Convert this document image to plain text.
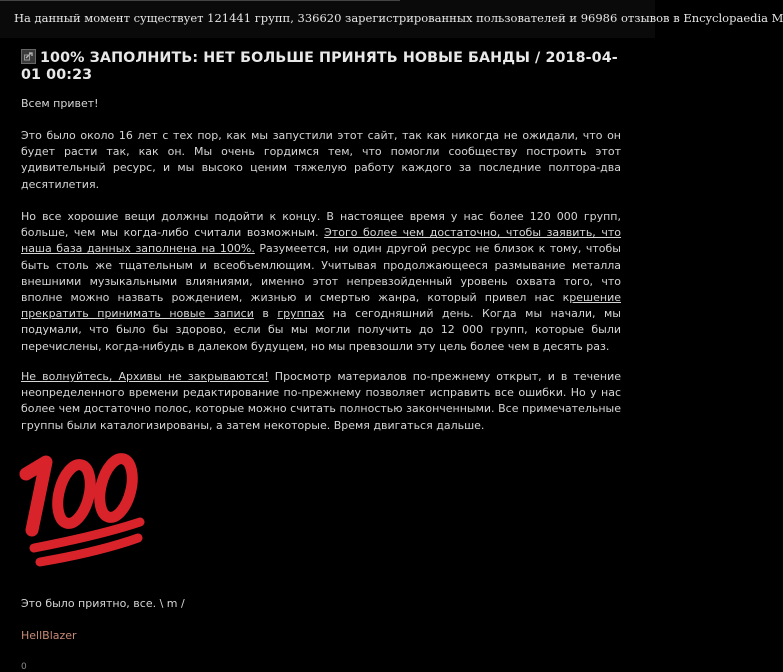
На данный момент существует 121441 групп, 336620 зарегистрированных пользователей и 96986 отзывов в Encyclopaedia M
100% ЗАПОЛНИТЬ: НЕТ БОЛЬШЕ ПРИНЯТЬ НОВЫЕ БАНДЫ / 2018-04-01 00:23

Всем привет!

Это было около 16 лет с тех пор, как мы запустили этот сайт, так как никогда не ожидали, что он будет расти так, как он. Мы очень гордимся тем, что помогли сообществу построить этот удивительный ресурс, и мы высоко ценим тяжелую работу каждого за последние полтора-два десятилетия.

Но все хорошие вещи должны подойти к концу. В настоящее время у нас более 120 000 групп, больше, чем мы когда-либо считали возможным. Этого более чем достаточно, чтобы заявить, что наша база данных заполнена на 100%. Разумеется, ни один другой ресурс не близок к тому, чтобы быть столь же тщательным и всеобъемлющим. Учитывая продолжающееся размывание металла внешними музыкальными влияниями, именно этот непревзойденный уровень охвата того, что вполне можно назвать рождением, жизнью и смертью жанра, который привел нас крешение прекратить принимать новые записи в группах на сегодняшний день. Когда мы начали, мы подумали, что было бы здорово, если бы мы могли получить до 12 000 групп, которые были перечислены, когда-нибудь в далеком будущем, но мы превзошли эту цель более чем в десять раз.

Не волнуйтесь, Архивы не закрываются! Просмотр материалов по-прежнему открыт, и в течение неопределенного времени редактирование по-прежнему позволяет исправить все ошибки. Но у нас более чем достаточно полос, которые можно считать полностью законченными. Все примечательные группы были каталогизированы, а затем некоторые. Время двигаться дальше.

Это было приятно, все. \ m /
HellBlazer
0
